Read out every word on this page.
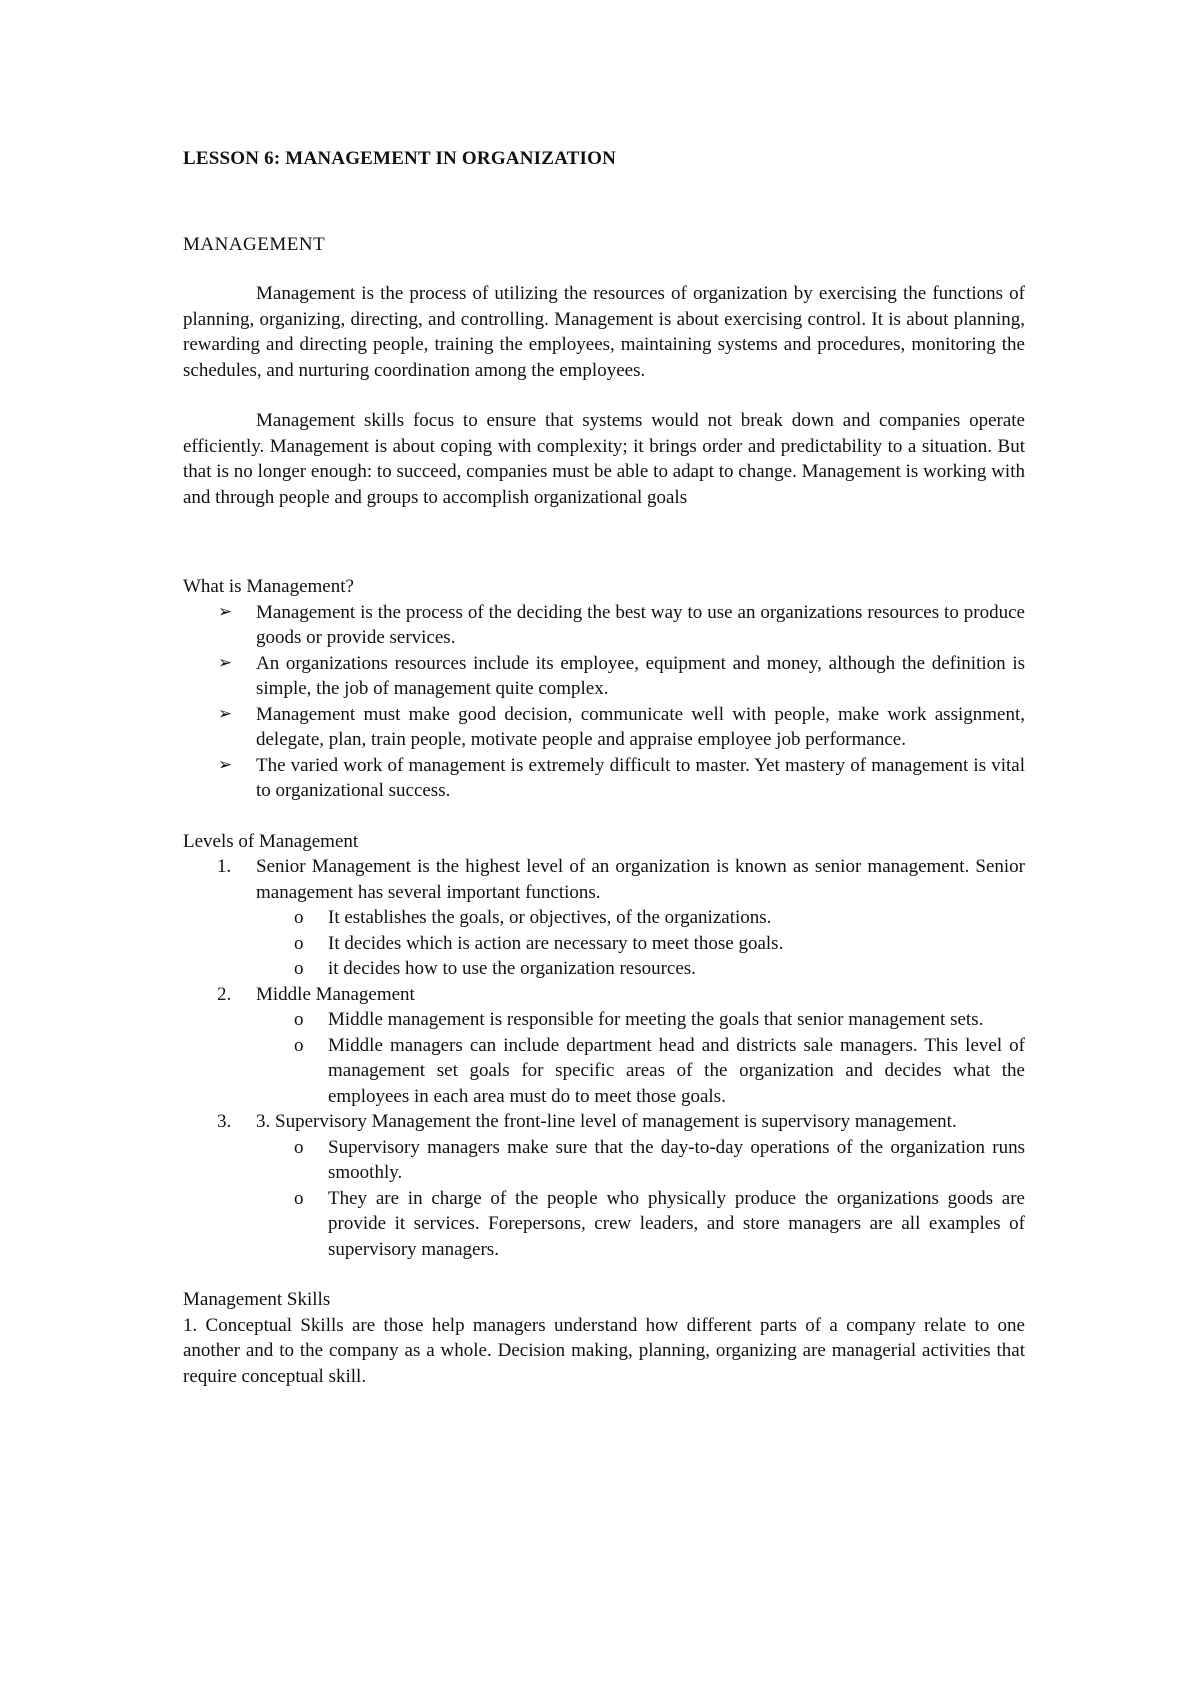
LESSON 6: MANAGEMENT IN ORGANIZATION

MANAGEMENT

Management is the process of utilizing the resources of organization by exercising the functions of planning, organizing, directing, and controlling. Management is about exercising control. It is about planning, rewarding and directing people, training the employees, maintaining systems and procedures, monitoring the schedules, and nurturing coordination among the employees.

Management skills focus to ensure that systems would not break down and companies operate efficiently. Management is about coping with complexity; it brings order and predictability to a situation. But that is no longer enough: to succeed, companies must be able to adapt to change. Management is working with and through people and groups to accomplish organizational goals

What is Management?

➢ Management is the process of the deciding the best way to use an organizations resources to produce goods or provide services.
➢ An organizations resources include its employee, equipment and money, although the definition is simple, the job of management quite complex.
➢ Management must make good decision, communicate well with people, make work assignment, delegate, plan, train people, motivate people and appraise employee job performance.
➢ The varied work of management is extremely difficult to master. Yet mastery of management is vital to organizational success.

Levels of Management

1. Senior Management is the highest level of an organization is known as senior management. Senior management has several important functions.
o It establishes the goals, or objectives, of the organizations.
o It decides which is action are necessary to meet those goals.
o it decides how to use the organization resources.
2. Middle Management
o Middle management is responsible for meeting the goals that senior management sets.
o Middle managers can include department head and districts sale managers. This level of management set goals for specific areas of the organization and decides what the employees in each area must do to meet those goals.
3. 3. Supervisory Management the front-line level of management is supervisory management.
o Supervisory managers make sure that the day-to-day operations of the organization runs smoothly.
o They are in charge of the people who physically produce the organizations goods are provide it services. Forepersons, crew leaders, and store managers are all examples of supervisory managers.

Management Skills

1. Conceptual Skills are those help managers understand how different parts of a company relate to one another and to the company as a whole. Decision making, planning, organizing are managerial activities that require conceptual skill.
